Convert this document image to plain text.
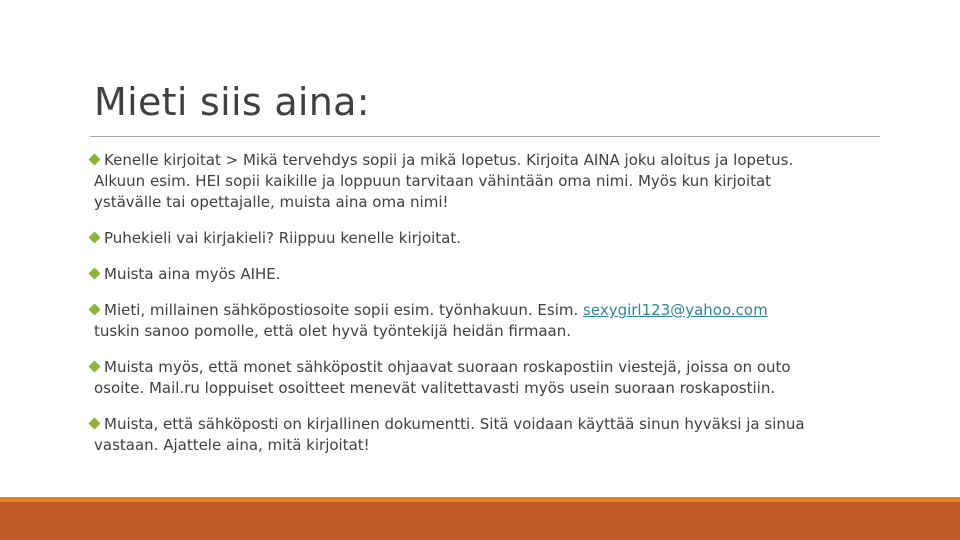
Mieti siis aina:
Kenelle kirjoitat > Mikä tervehdys sopii ja mikä lopetus. Kirjoita AINA joku aloitus ja lopetus.
Alkuun esim. HEI sopii kaikille ja loppuun tarvitaan vähintään oma nimi. Myös kun kirjoitat
ystävälle tai opettajalle, muista aina oma nimi!
Puhekieli vai kirjakieli? Riippuu kenelle kirjoitat.
Muista aina myös AIHE.
Mieti, millainen sähköpostiosoite sopii esim. työnhakuun. Esim. sexygirl123@yahoo.com
tuskin sanoo pomolle, että olet hyvä työntekijä heidän firmaan.
Muista myös, että monet sähköpostit ohjaavat suoraan roskapostiin viestejä, joissa on outo
osoite. Mail.ru loppuiset osoitteet menevät valitettavasti myös usein suoraan roskapostiin.
Muista, että sähköposti on kirjallinen dokumentti. Sitä voidaan käyttää sinun hyväksi ja sinua
vastaan. Ajattele aina, mitä kirjoitat!
